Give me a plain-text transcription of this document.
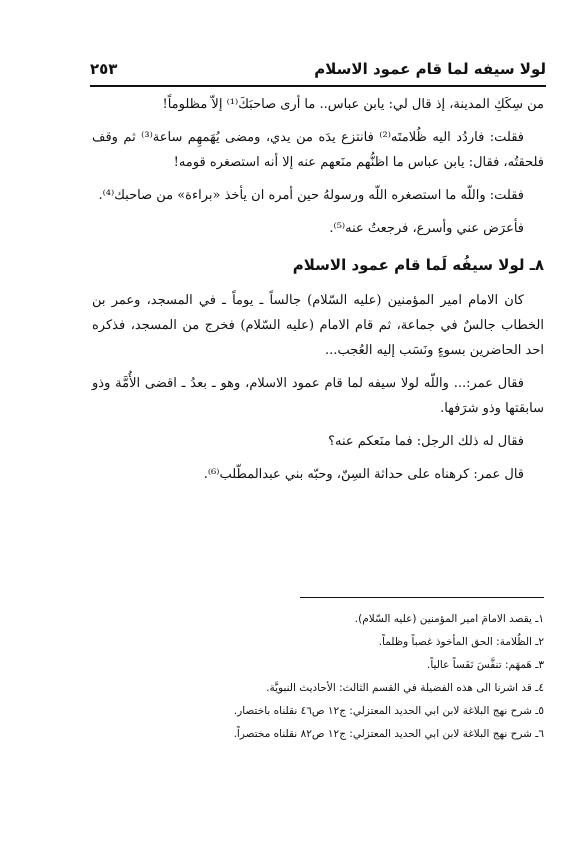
لولا سيفه لما قام عمود الاسلام
٢٥٣

من سِكَكِ المدينة، إذ قال لي: يابن عباس.. ما أرى صاحبَكَ⁽¹⁾ إلاّ مظلوماً!

فقلت: فاردُد اليه ظُلامتَه⁽²⁾ فانتزع يدَه من يدي، ومضى يُهَمهِم ساعة⁽³⁾ ثم وقف فلحقتُه، فقال: يابن عباس ما اظنُّهم منَعهم عنه إلا أنه استصغره قومه!

فقلت: واللّه ما استصغره اللّه ورسولهُ حين أمره ان يأخذ «براءة» من صاحبك⁽⁴⁾.

فأعرَض عني وأسرع، فرجعتُ عنه⁽⁵⁾.

٨ـ لولا سيفُه لَما قام عمود الاسلام

كان الامام امير المؤمنين (عليه السّلام) جالساً ـ يوماً ـ في المسجد، وعمر بن الخطاب جالسٌ في جماعة، ثم قام الامام (عليه السّلام) فخرج من المسجد، فذكره احد الحاضرين بسوءٍ ونَسَب إليه العُجب...

فقال عمر:... واللّه لولا سيفه لما قام عمود الاسلام، وهو ـ بعدُ ـ اقضى الأُمَّة وذو سابقتها وذو شرَفها.

فقال له ذلك الرجل: فما منَعكم عنه؟

قال عمر: كرهناه على حداثة السِنّ، وحبّه بني عبدالمطّلب⁽⁶⁾.

١ـ يقصد الامامَ امير المؤمنين (عليه السّلام).
٢ـ الظُلامة: الحق المأخوذ غصباً وظلماً.
٣ـ هَمهَم: تنفَّسَ نَفَساً عالياً.
٤ـ قد اشرنا الى هذه الفضيلة في القسم الثالث: الأحاديث النبويَّة.
٥ـ شرح نهج البلاغة لابن ابي الحديد المعتزلي: ج١٢ ص٤٦ نقلناه باختصار.
٦ـ شرح نهج البلاغة لابن ابي الحديد المعتزلي: ج١٢ ص٨٢ نقلناه مختصراً.
